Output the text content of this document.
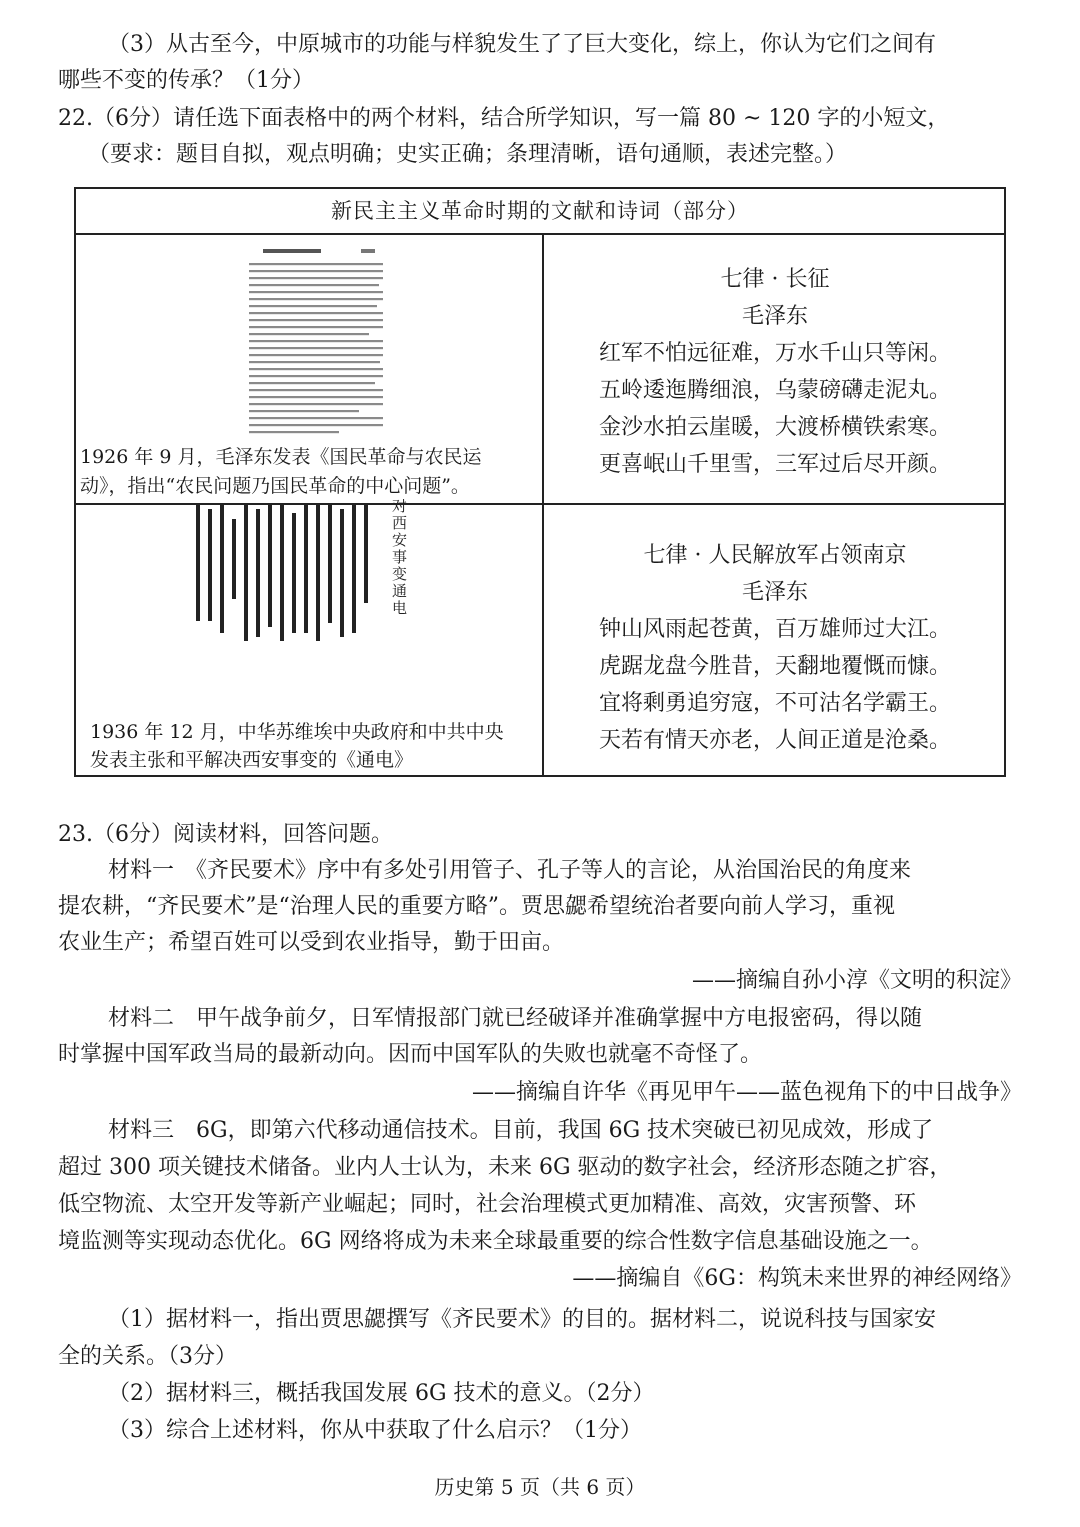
（3）从古至今，中原城市的功能与样貌发生了了巨大变化，综上，你认为它们之间有
哪些不变的传承？（1分）
22.（6分）请任选下面表格中的两个材料，结合所学知识，写一篇 80 ~ 120 字的小短文，
（要求：题目自拟，观点明确；史实正确；条理清晰，语句通顺，表述完整。）
新民主主义革命时期的文献和诗词（部分）
1926 年 9 月，毛泽东发表《国民革命与农民运
动》，指出“农民问题乃国民革命的中心问题”。
七律 · 长征
毛泽东
红军不怕远征难，万水千山只等闲。
五岭逶迤腾细浪，乌蒙磅礴走泥丸。
金沙水拍云崖暖，大渡桥横铁索寒。
更喜岷山千里雪，三军过后尽开颜。
对西安事变通电
1936 年 12 月，中华苏维埃中央政府和中共中央
发表主张和平解决西安事变的《通电》
七律 · 人民解放军占领南京
毛泽东
钟山风雨起苍黄，百万雄师过大江。
虎踞龙盘今胜昔，天翻地覆慨而慷。
宜将剩勇追穷寇，不可沽名学霸王。
天若有情天亦老，人间正道是沧桑。
23.（6分）阅读材料，回答问题。
材料一　《齐民要术》序中有多处引用管子、孔子等人的言论，从治国治民的角度来
提农耕，“齐民要术”是“治理人民的重要方略”。贾思勰希望统治者要向前人学习，重视
农业生产；希望百姓可以受到农业指导，勤于田亩。
——摘编自孙小淳《文明的积淀》
材料二　甲午战争前夕，日军情报部门就已经破译并准确掌握中方电报密码，得以随
时掌握中国军政当局的最新动向。因而中国军队的失败也就毫不奇怪了。
——摘编自许华《再见甲午——蓝色视角下的中日战争》
材料三　6G，即第六代移动通信技术。目前，我国 6G 技术突破已初见成效，形成了
超过 300 项关键技术储备。业内人士认为，未来 6G 驱动的数字社会，经济形态随之扩容，
低空物流、太空开发等新产业崛起；同时，社会治理模式更加精准、高效，灾害预警、环
境监测等实现动态优化。6G 网络将成为未来全球最重要的综合性数字信息基础设施之一。
——摘编自《6G：构筑未来世界的神经网络》
（1）据材料一，指出贾思勰撰写《齐民要术》的目的。据材料二，说说科技与国家安
全的关系。（3分）
（2）据材料三，概括我国发展 6G 技术的意义。（2分）
（3）综合上述材料，你从中获取了什么启示？（1分）
历史第 5 页（共 6 页）
